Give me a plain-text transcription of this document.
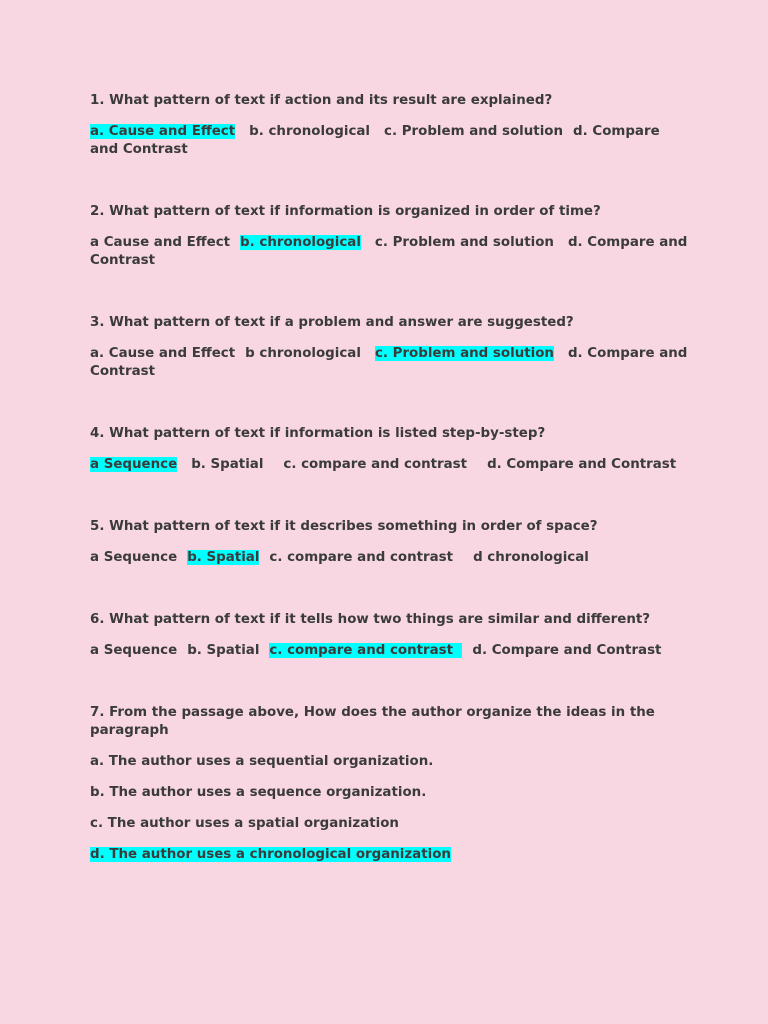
1. What pattern of text if action and its result are explained?

a. Cause and Effect b. chronological c. Problem and solution d. Compare and Contrast

2. What pattern of text if information is organized in order of time?

a Cause and Effect b. chronological c. Problem and solution d. Compare and Contrast

3. What pattern of text if a problem and answer are suggested?

a. Cause and Effect b chronological c. Problem and solution d. Compare and Contrast

4. What pattern of text if information is listed step-by-step?

a Sequence b. Spatial c. compare and contrast d. Compare and Contrast

5. What pattern of text if it describes something in order of space?

a Sequence b. Spatial c. compare and contrast d chronological

6. What pattern of text if it tells how two things are similar and different?

a Sequence b. Spatial c. compare and contrast d. Compare and Contrast

7. From the passage above, How does the author organize the ideas in the paragraph

a. The author uses a sequential organization.

b. The author uses a sequence organization.

c. The author uses a spatial organization

d. The author uses a chronological organization
